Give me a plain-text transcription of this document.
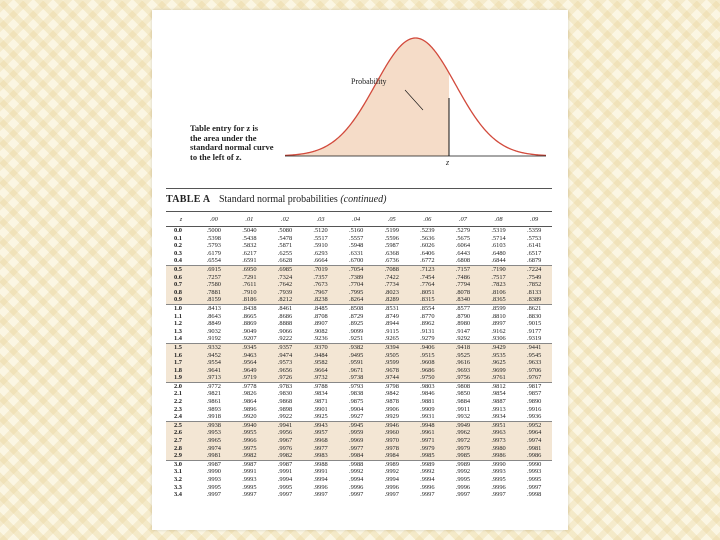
Probability
z
Table entry for z is
the area under the
standard normal curve
to the left of z.
TABLE A Standard normal probabilities (continued)
z	.00	.01	.02	.03	.04	.05	.06	.07	.08	.09
0.0	.5000	.5040	.5080	.5120	.5160	.5199	.5239	.5279	.5319	.5359
0.1	.5398	.5438	.5478	.5517	.5557	.5596	.5636	.5675	.5714	.5753
0.2	.5793	.5832	.5871	.5910	.5948	.5987	.6026	.6064	.6103	.6141
0.3	.6179	.6217	.6255	.6293	.6331	.6368	.6406	.6443	.6480	.6517
0.4	.6554	.6591	.6628	.6664	.6700	.6736	.6772	.6808	.6844	.6879
0.5	.6915	.6950	.6985	.7019	.7054	.7088	.7123	.7157	.7190	.7224
0.6	.7257	.7291	.7324	.7357	.7389	.7422	.7454	.7486	.7517	.7549
0.7	.7580	.7611	.7642	.7673	.7704	.7734	.7764	.7794	.7823	.7852
0.8	.7881	.7910	.7939	.7967	.7995	.8023	.8051	.8078	.8106	.8133
0.9	.8159	.8186	.8212	.8238	.8264	.8289	.8315	.8340	.8365	.8389
1.0	.8413	.8438	.8461	.8485	.8508	.8531	.8554	.8577	.8599	.8621
1.1	.8643	.8665	.8686	.8708	.8729	.8749	.8770	.8790	.8810	.8830
1.2	.8849	.8869	.8888	.8907	.8925	.8944	.8962	.8980	.8997	.9015
1.3	.9032	.9049	.9066	.9082	.9099	.9115	.9131	.9147	.9162	.9177
1.4	.9192	.9207	.9222	.9236	.9251	.9265	.9279	.9292	.9306	.9319
1.5	.9332	.9345	.9357	.9370	.9382	.9394	.9406	.9418	.9429	.9441
1.6	.9452	.9463	.9474	.9484	.9495	.9505	.9515	.9525	.9535	.9545
1.7	.9554	.9564	.9573	.9582	.9591	.9599	.9608	.9616	.9625	.9633
1.8	.9641	.9649	.9656	.9664	.9671	.9678	.9686	.9693	.9699	.9706
1.9	.9713	.9719	.9726	.9732	.9738	.9744	.9750	.9756	.9761	.9767
2.0	.9772	.9778	.9783	.9788	.9793	.9798	.9803	.9808	.9812	.9817
2.1	.9821	.9826	.9830	.9834	.9838	.9842	.9846	.9850	.9854	.9857
2.2	.9861	.9864	.9868	.9871	.9875	.9878	.9881	.9884	.9887	.9890
2.3	.9893	.9896	.9898	.9901	.9904	.9906	.9909	.9911	.9913	.9916
2.4	.9918	.9920	.9922	.9925	.9927	.9929	.9931	.9932	.9934	.9936
2.5	.9938	.9940	.9941	.9943	.9945	.9946	.9948	.9949	.9951	.9952
2.6	.9953	.9955	.9956	.9957	.9959	.9960	.9961	.9962	.9963	.9964
2.7	.9965	.9966	.9967	.9968	.9969	.9970	.9971	.9972	.9973	.9974
2.8	.9974	.9975	.9976	.9977	.9977	.9978	.9979	.9979	.9980	.9981
2.9	.9981	.9982	.9982	.9983	.9984	.9984	.9985	.9985	.9986	.9986
3.0	.9987	.9987	.9987	.9988	.9988	.9989	.9989	.9989	.9990	.9990
3.1	.9990	.9991	.9991	.9991	.9992	.9992	.9992	.9992	.9993	.9993
3.2	.9993	.9993	.9994	.9994	.9994	.9994	.9994	.9995	.9995	.9995
3.3	.9995	.9995	.9995	.9996	.9996	.9996	.9996	.9996	.9996	.9997
3.4	.9997	.9997	.9997	.9997	.9997	.9997	.9997	.9997	.9997	.9998
